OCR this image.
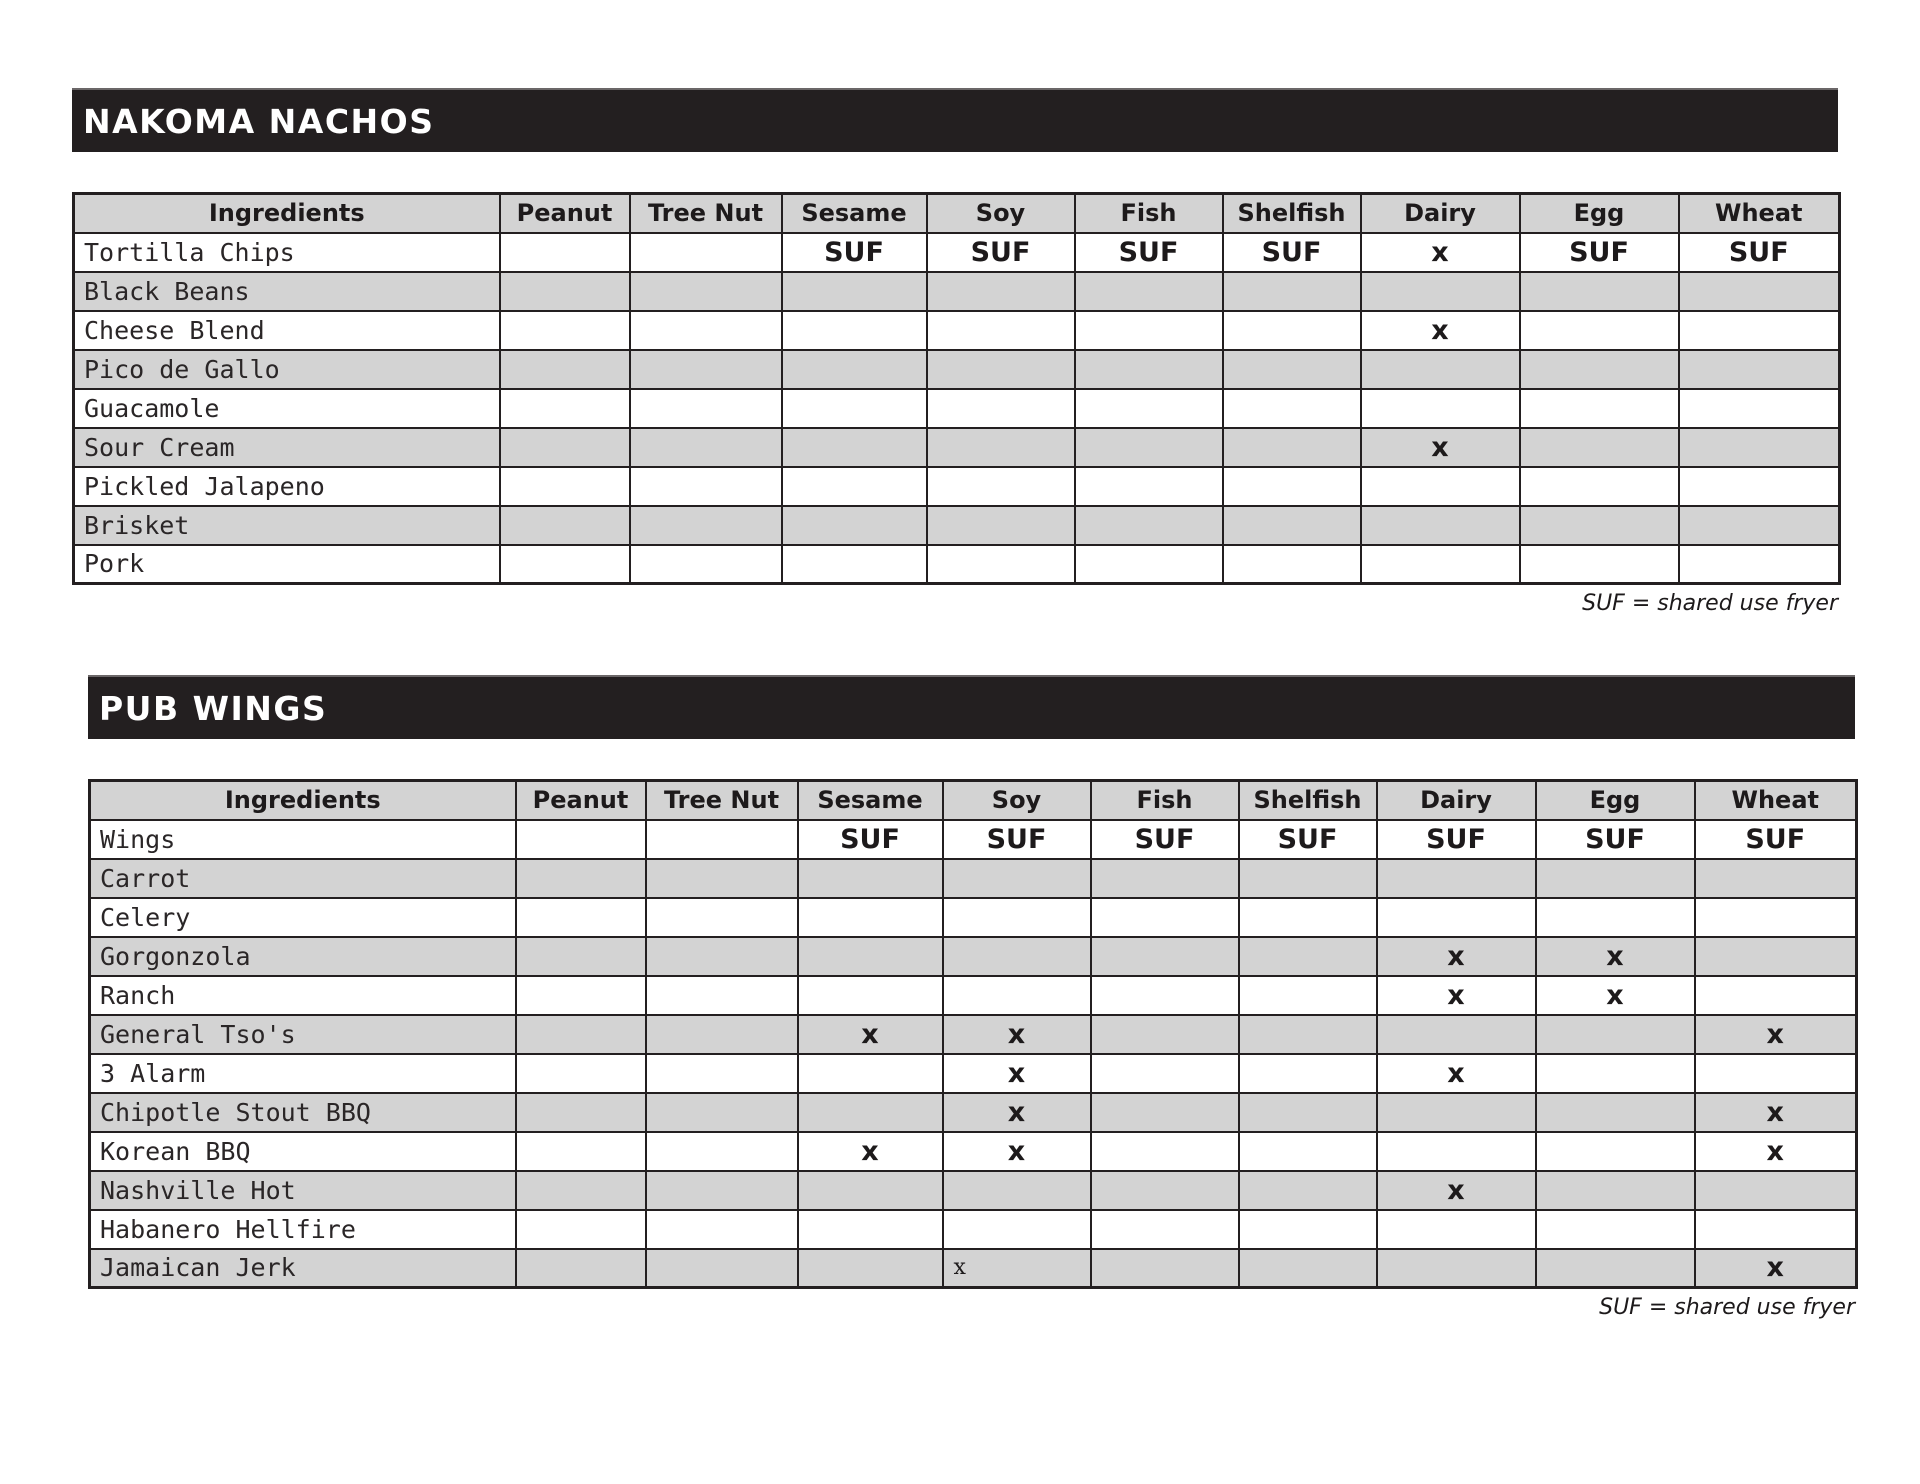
NAKOMA NACHOS
Ingredients	Peanut	Tree Nut	Sesame	Soy	Fish	Shelfish	Dairy	Egg	Wheat
Tortilla Chips			SUF	SUF	SUF	SUF	x	SUF	SUF
Black Beans									
Cheese Blend							x		
Pico de Gallo									
Guacamole									
Sour Cream							x		
Pickled Jalapeno									
Brisket									
Pork									
SUF = shared use fryer
PUB WINGS
Ingredients	Peanut	Tree Nut	Sesame	Soy	Fish	Shelfish	Dairy	Egg	Wheat
Wings			SUF	SUF	SUF	SUF	SUF	SUF	SUF
Carrot									
Celery									
Gorgonzola							x	x	
Ranch							x	x	
General Tso's			x	x					x
3 Alarm				x			x		
Chipotle Stout BBQ				x					x
Korean BBQ			x	x					x
Nashville Hot							x		
Habanero Hellfire									
Jamaican Jerk				x					x
SUF = shared use fryer
